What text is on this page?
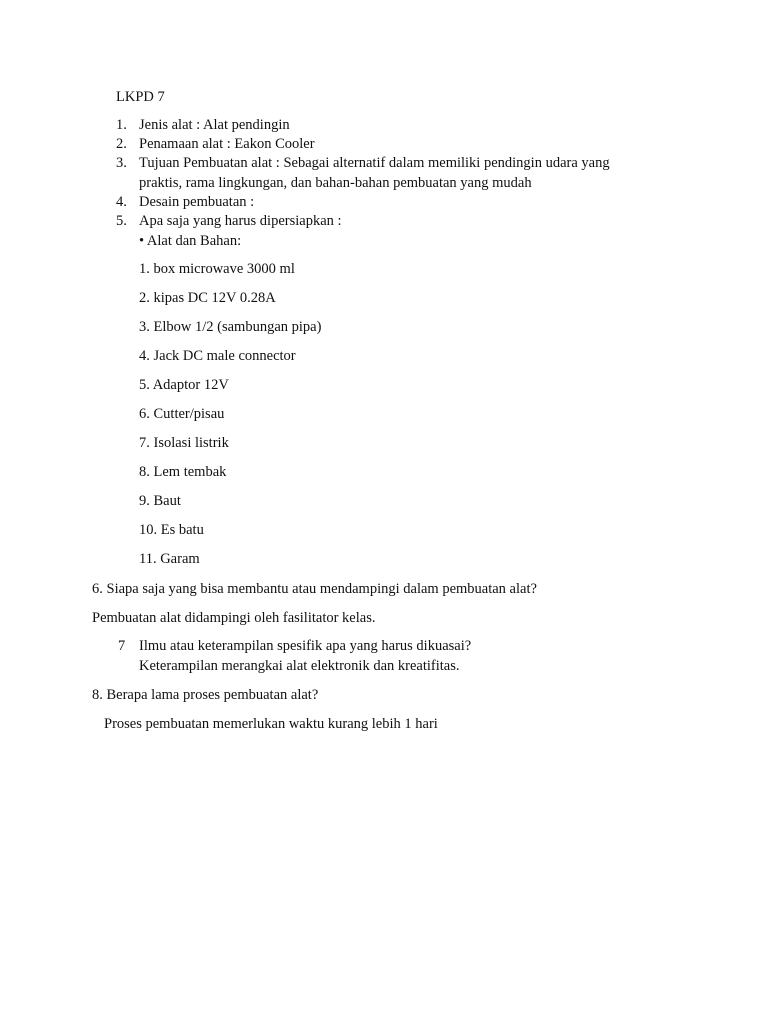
LKPD 7
1. Jenis alat : Alat pendingin
2. Penamaan alat : Eakon Cooler
3. Tujuan Pembuatan alat : Sebagai alternatif dalam memiliki pendingin udara yang
praktis, rama lingkungan, dan bahan-bahan pembuatan yang mudah
4. Desain pembuatan :
5. Apa saja yang harus dipersiapkan :
• Alat dan Bahan:
1. box microwave 3000 ml
2. kipas DC 12V 0.28A
3. Elbow 1/2 (sambungan pipa)
4. Jack DC male connector
5. Adaptor 12V
6. Cutter/pisau
7. Isolasi listrik
8. Lem tembak
9. Baut
10. Es batu
11. Garam
6. Siapa saja yang bisa membantu atau mendampingi dalam pembuatan alat?
Pembuatan alat didampingi oleh fasilitator kelas.
7 Ilmu atau keterampilan spesifik apa yang harus dikuasai?
Keterampilan merangkai alat elektronik dan kreatifitas.
8. Berapa lama proses pembuatan alat?
Proses pembuatan memerlukan waktu kurang lebih 1 hari
